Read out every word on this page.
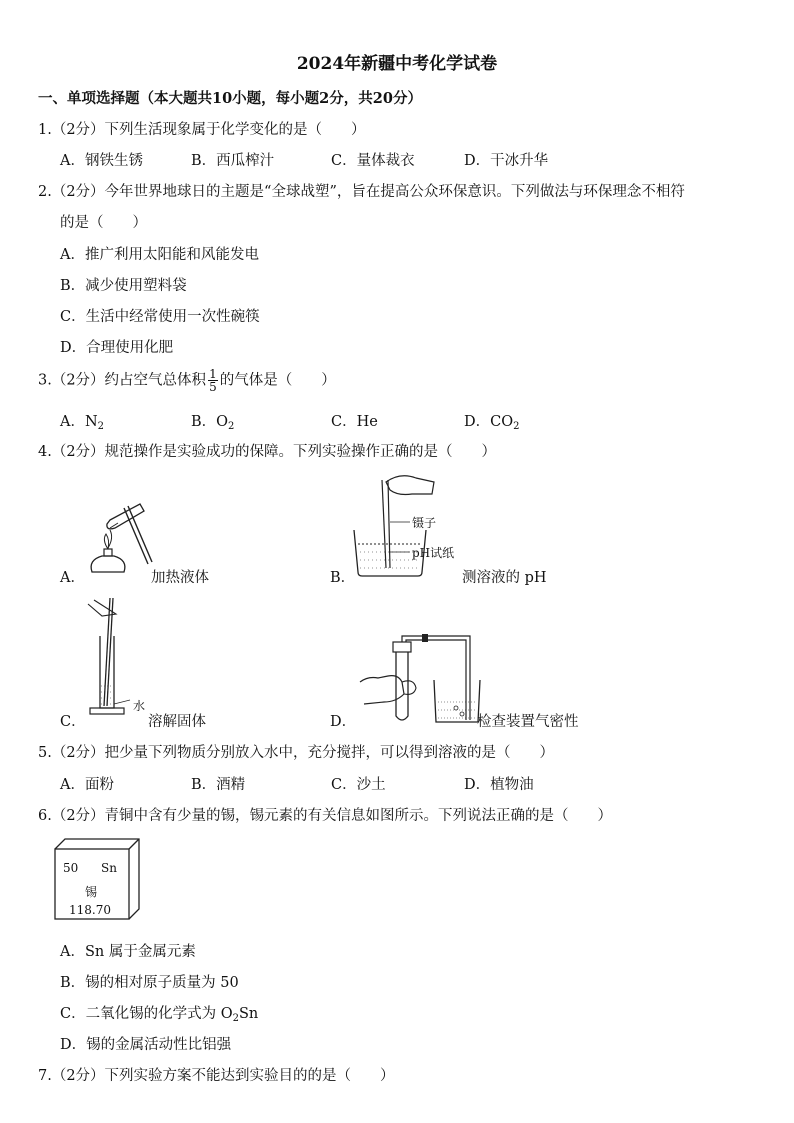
2024年新疆中考化学试卷
一、单项选择题（本大题共10小题，每小题2分，共20分）
1.（2分）下列生活现象属于化学变化的是（　　）
A．钢铁生锈	B．西瓜榨汁	C．量体裁衣	D．干冰升华
2.（2分）今年世界地球日的主题是“全球战塑”，旨在提高公众环保意识。下列做法与环保理念不相符
的是（　　）
A．推广利用太阳能和风能发电
B．减少使用塑料袋
C．生活中经常使用一次性碗筷
D．合理使用化肥
3.（2分）约占空气总体积 $\frac{1}{5}$ 的气体是（　　）
A．$N_2$	B．$O_2$	C．He	D．$CO_2$
4.（2分）规范操作是实验成功的保障。下列实验操作正确的是（　　）
A．	加热液体
镊子
pH试纸
B．	测溶液的 pH
水
C．	溶解固体	D．	检查装置气密性
5.（2分）把少量下列物质分别放入水中，充分搅拌，可以得到溶液的是（　　）
A．面粉	B．酒精	C．沙土	D．植物油
6.（2分）青铜中含有少量的锡，锡元素的有关信息如图所示。下列说法正确的是（　　）
50 Sn
锡
118.70
A．Sn 属于金属元素
B．锡的相对原子质量为 50
C．二氧化锡的化学式为 $O_2Sn$
D．锡的金属活动性比铝强
7.（2分）下列实验方案不能达到实验目的的是（　　）
